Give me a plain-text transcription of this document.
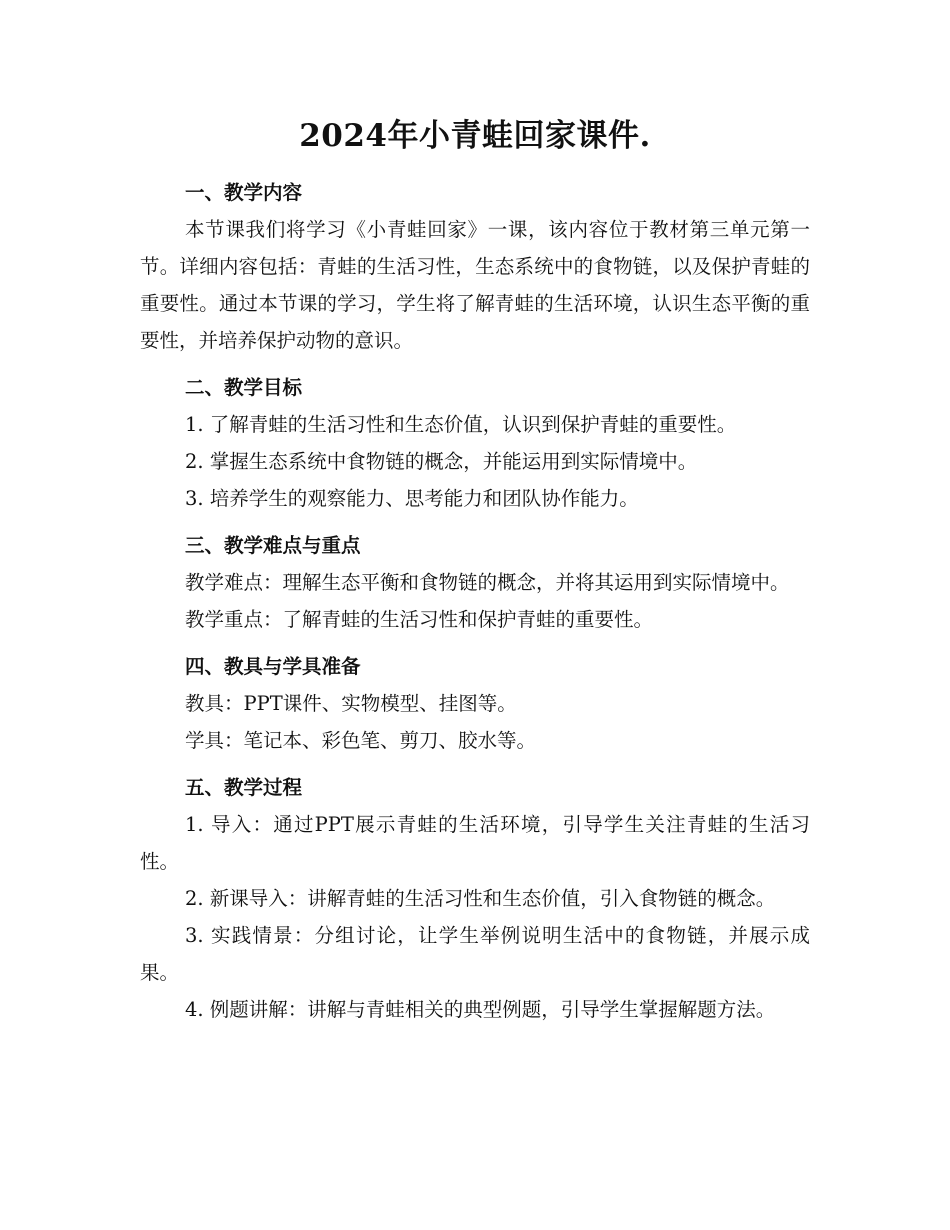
2024年小青蛙回家课件.

一、教学内容

本节课我们将学习《小青蛙回家》一课，该内容位于教材第三单元第一节。详细内容包括：青蛙的生活习性，生态系统中的食物链，以及保护青蛙的重要性。通过本节课的学习，学生将了解青蛙的生活环境，认识生态平衡的重要性，并培养保护动物的意识。

二、教学目标

1. 了解青蛙的生活习性和生态价值，认识到保护青蛙的重要性。

2. 掌握生态系统中食物链的概念，并能运用到实际情境中。

3. 培养学生的观察能力、思考能力和团队协作能力。

三、教学难点与重点

教学难点：理解生态平衡和食物链的概念，并将其运用到实际情境中。

教学重点：了解青蛙的生活习性和保护青蛙的重要性。

四、教具与学具准备

教具：PPT课件、实物模型、挂图等。

学具：笔记本、彩色笔、剪刀、胶水等。

五、教学过程

1. 导入：通过PPT展示青蛙的生活环境，引导学生关注青蛙的生活习性。

2. 新课导入：讲解青蛙的生活习性和生态价值，引入食物链的概念。

3. 实践情景：分组讨论，让学生举例说明生活中的食物链，并展示成果。

4. 例题讲解：讲解与青蛙相关的典型例题，引导学生掌握解题方法。
